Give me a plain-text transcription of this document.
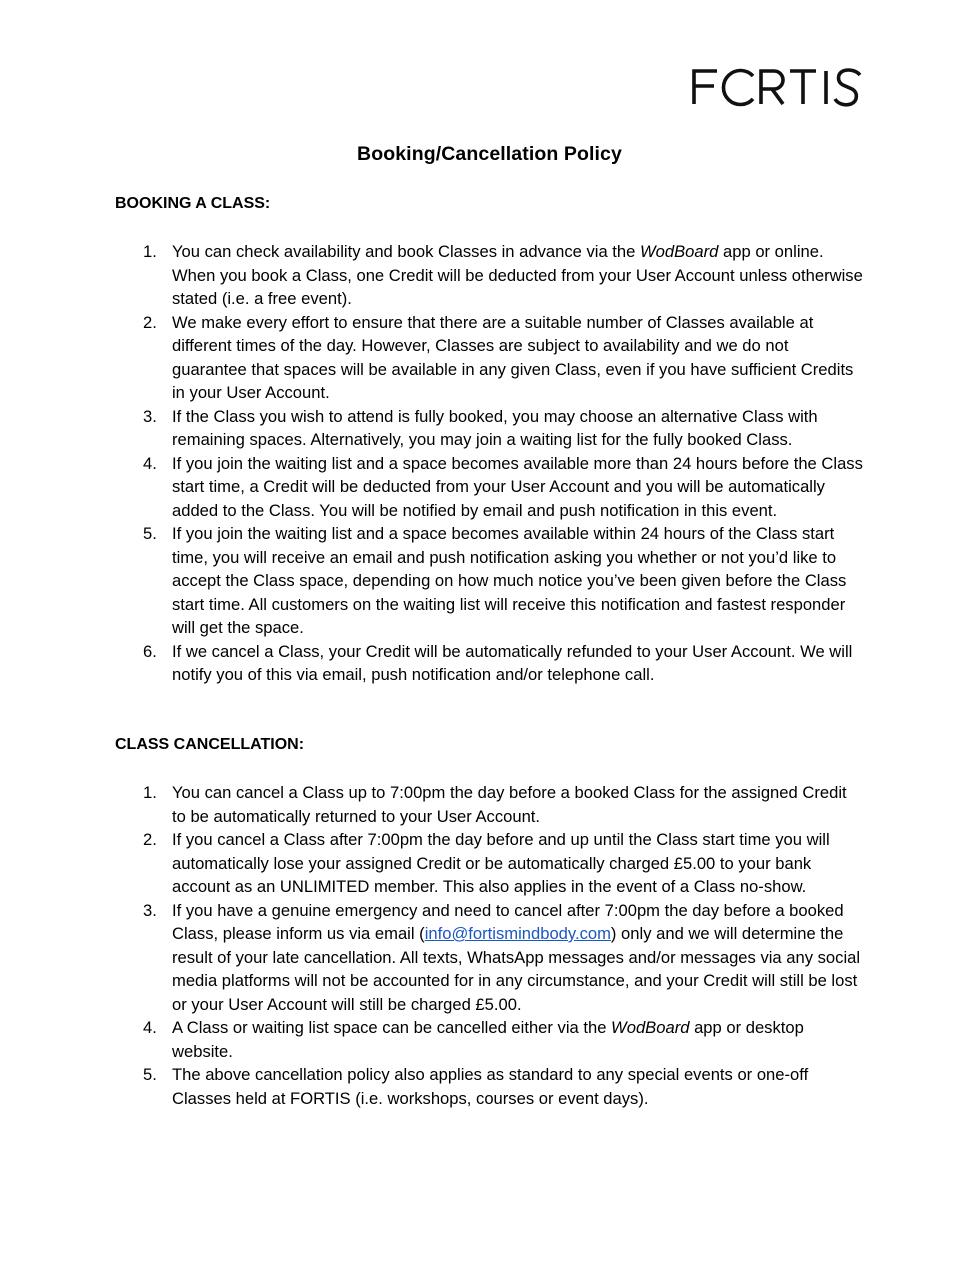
Booking/Cancellation Policy
BOOKING A CLASS:
1. You can check availability and book Classes in advance via the WodBoard app or online. When you book a Class, one Credit will be deducted from your User Account unless otherwise stated (i.e. a free event).
2. We make every effort to ensure that there are a suitable number of Classes available at different times of the day. However, Classes are subject to availability and we do not guarantee that spaces will be available in any given Class, even if you have sufficient Credits in your User Account.
3. If the Class you wish to attend is fully booked, you may choose an alternative Class with remaining spaces. Alternatively, you may join a waiting list for the fully booked Class.
4. If you join the waiting list and a space becomes available more than 24 hours before the Class start time, a Credit will be deducted from your User Account and you will be automatically added to the Class. You will be notified by email and push notification in this event.
5. If you join the waiting list and a space becomes available within 24 hours of the Class start time, you will receive an email and push notification asking you whether or not you’d like to accept the Class space, depending on how much notice you’ve been given before the Class start time. All customers on the waiting list will receive this notification and fastest responder will get the space.
6. If we cancel a Class, your Credit will be automatically refunded to your User Account. We will notify you of this via email, push notification and/or telephone call.
CLASS CANCELLATION:
1. You can cancel a Class up to 7:00pm the day before a booked Class for the assigned Credit to be automatically returned to your User Account.
2. If you cancel a Class after 7:00pm the day before and up until the Class start time you will automatically lose your assigned Credit or be automatically charged £5.00 to your bank account as an UNLIMITED member. This also applies in the event of a Class no-show.
3. If you have a genuine emergency and need to cancel after 7:00pm the day before a booked Class, please inform us via email (info@fortismindbody.com) only and we will determine the result of your late cancellation. All texts, WhatsApp messages and/or messages via any social media platforms will not be accounted for in any circumstance, and your Credit will still be lost or your User Account will still be charged £5.00.
4. A Class or waiting list space can be cancelled either via the WodBoard app or desktop website.
5. The above cancellation policy also applies as standard to any special events or one-off Classes held at FORTIS (i.e. workshops, courses or event days).
